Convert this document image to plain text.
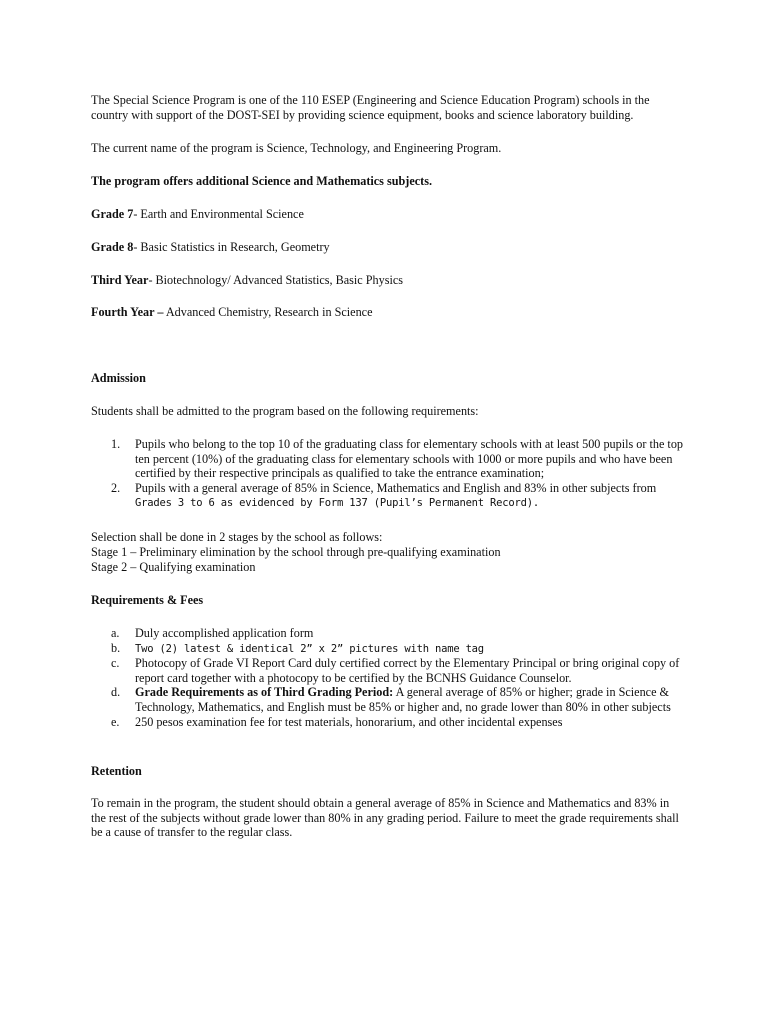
The Special Science Program is one of the 110 ESEP (Engineering and Science Education Program) schools in the country with support of the DOST-SEI by providing science equipment, books and science laboratory building.

The current name of the program is Science, Technology, and Engineering Program.

The program offers additional Science and Mathematics subjects.

Grade 7- Earth and Environmental Science

Grade 8- Basic Statistics in Research, Geometry

Third Year- Biotechnology/ Advanced Statistics, Basic Physics

Fourth Year – Advanced Chemistry, Research in Science

Admission

Students shall be admitted to the program based on the following requirements:

1. Pupils who belong to the top 10 of the graduating class for elementary schools with at least 500 pupils or the top ten percent (10%) of the graduating class for elementary schools with 1000 or more pupils and who have been certified by their respective principals as qualified to take the entrance examination;
2. Pupils with a general average of 85% in Science, Mathematics and English and 83% in other subjects from Grades 3 to 6 as evidenced by Form 137 (Pupil’s Permanent Record).

Selection shall be done in 2 stages by the school as follows:

Stage 1 – Preliminary elimination by the school through pre-qualifying examination

Stage 2 – Qualifying examination

Requirements & Fees

a. Duly accomplished application form
b. Two (2) latest & identical 2” x 2” pictures with name tag
c. Photocopy of Grade VI Report Card duly certified correct by the Elementary Principal or bring original copy of report card together with a photocopy to be certified by the BCNHS Guidance Counselor.
d. Grade Requirements as of Third Grading Period: A general average of 85% or higher; grade in Science & Technology, Mathematics, and English must be 85% or higher and, no grade lower than 80% in other subjects
e. 250 pesos examination fee for test materials, honorarium, and other incidental expenses

Retention

To remain in the program, the student should obtain a general average of 85% in Science and Mathematics and 83% in the rest of the subjects without grade lower than 80% in any grading period. Failure to meet the grade requirements shall be a cause of transfer to the regular class.
